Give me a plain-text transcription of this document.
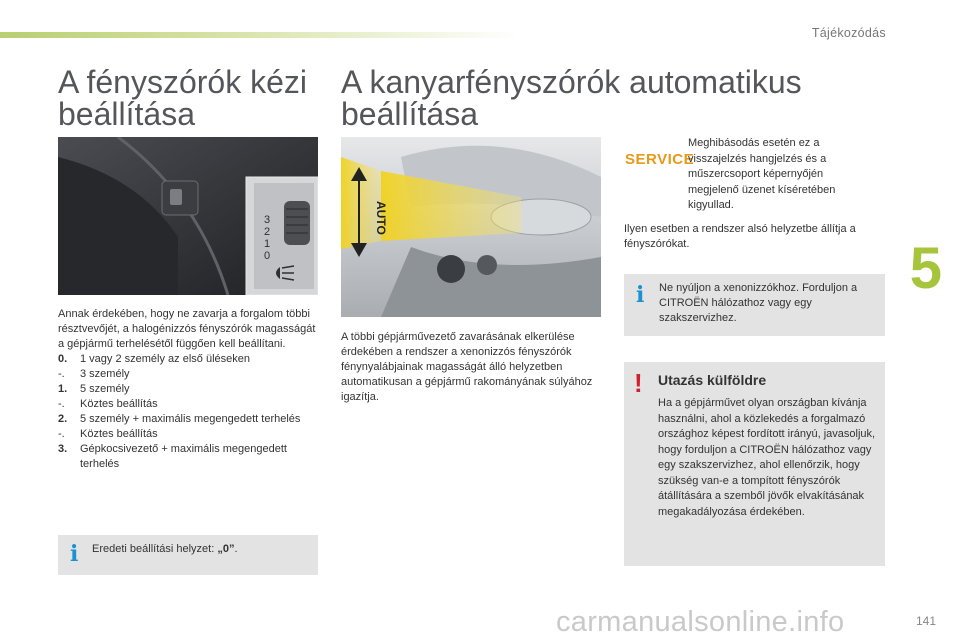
Tájékozódás
5
141
A fényszórók kézi
beállítása
3
2
1
0
Annak érdekében, hogy ne zavarja a forgalom többi résztvevőjét, a halogénizzós fényszórók magasságát a gépjármű terhelésétől függően kell beállítani.
0.	1 vagy 2 személy az első üléseken
-.	3 személy
1.	5 személy
-.	Köztes beállítás
2.	5 személy + maximális megengedett terhelés
-.	Köztes beállítás
3.	Gépkocsivezető + maximális megengedett terhelés
i Eredeti beállítási helyzet: „0”.
A kanyarfényszórók automatikus
beállítása
AUTO
A többi gépjárművezető zavarásának elkerülése érdekében a rendszer a xenonizzós fényszórók fénynyalábjainak magasságát álló helyzetben automatikusan a gépjármű rakományának súlyához igazítja.
SERVICE
Meghibásodás esetén ez a visszajelzés hangjelzés és a műszercsoport képernyőjén megjelenő üzenet kíséretében kigyullad.
Ilyen esetben a rendszer alsó helyzetbe állítja a fényszórókat.
i Ne nyúljon a xenonizzókhoz. Forduljon a CITROËN hálózathoz vagy egy szakszervizhez.
! Utazás külföldre
Ha a gépjárművet olyan országban kívánja használni, ahol a közlekedés a forgalmazó országhoz képest fordított irányú, javasoljuk, hogy forduljon a CITROËN hálózathoz vagy egy szakszervizhez, ahol ellenőrzik, hogy szükség van-e a tompított fényszórók átállítására a szemből jövők elvakításának megakadályozása érdekében.
carmanualsonline.info
